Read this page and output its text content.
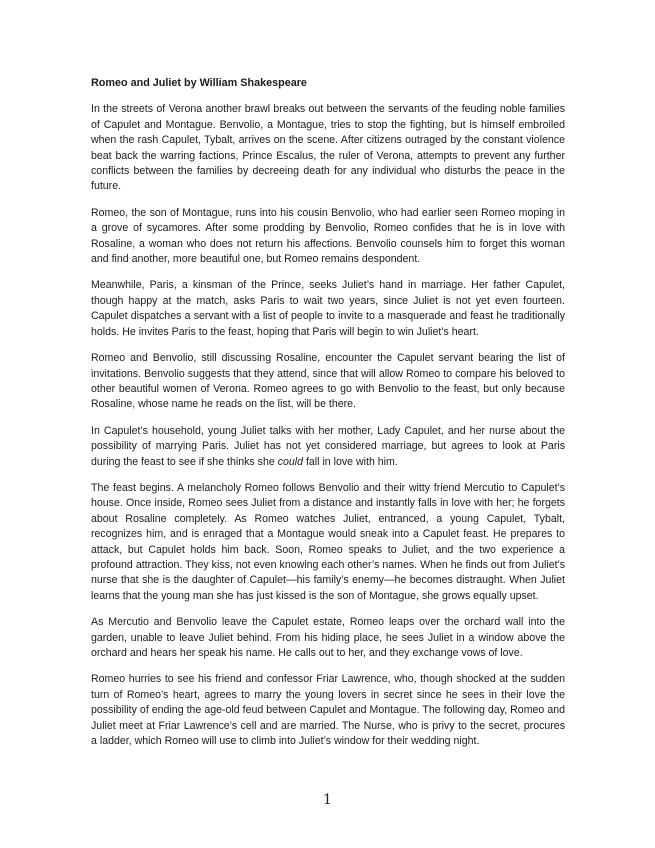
Romeo and Juliet by William Shakespeare

In the streets of Verona another brawl breaks out between the servants of the feuding noble families of Capulet and Montague. Benvolio, a Montague, tries to stop the fighting, but is himself embroiled when the rash Capulet, Tybalt, arrives on the scene. After citizens outraged by the constant violence beat back the warring factions, Prince Escalus, the ruler of Verona, attempts to prevent any further conflicts between the families by decreeing death for any individual who disturbs the peace in the future.

Romeo, the son of Montague, runs into his cousin Benvolio, who had earlier seen Romeo moping in a grove of sycamores. After some prodding by Benvolio, Romeo confides that he is in love with Rosaline, a woman who does not return his affections. Benvolio counsels him to forget this woman and find another, more beautiful one, but Romeo remains despondent.

Meanwhile, Paris, a kinsman of the Prince, seeks Juliet’s hand in marriage. Her father Capulet, though happy at the match, asks Paris to wait two years, since Juliet is not yet even fourteen. Capulet dispatches a servant with a list of people to invite to a masquerade and feast he traditionally holds. He invites Paris to the feast, hoping that Paris will begin to win Juliet’s heart.

Romeo and Benvolio, still discussing Rosaline, encounter the Capulet servant bearing the list of invitations. Benvolio suggests that they attend, since that will allow Romeo to compare his beloved to other beautiful women of Verona. Romeo agrees to go with Benvolio to the feast, but only because Rosaline, whose name he reads on the list, will be there.

In Capulet’s household, young Juliet talks with her mother, Lady Capulet, and her nurse about the possibility of marrying Paris. Juliet has not yet considered marriage, but agrees to look at Paris during the feast to see if she thinks she could fall in love with him.

The feast begins. A melancholy Romeo follows Benvolio and their witty friend Mercutio to Capulet’s house. Once inside, Romeo sees Juliet from a distance and instantly falls in love with her; he forgets about Rosaline completely. As Romeo watches Juliet, entranced, a young Capulet, Tybalt, recognizes him, and is enraged that a Montague would sneak into a Capulet feast. He prepares to attack, but Capulet holds him back. Soon, Romeo speaks to Juliet, and the two experience a profound attraction. They kiss, not even knowing each other’s names. When he finds out from Juliet’s nurse that she is the daughter of Capulet—his family’s enemy—he becomes distraught. When Juliet learns that the young man she has just kissed is the son of Montague, she grows equally upset.

As Mercutio and Benvolio leave the Capulet estate, Romeo leaps over the orchard wall into the garden, unable to leave Juliet behind. From his hiding place, he sees Juliet in a window above the orchard and hears her speak his name. He calls out to her, and they exchange vows of love.

Romeo hurries to see his friend and confessor Friar Lawrence, who, though shocked at the sudden turn of Romeo’s heart, agrees to marry the young lovers in secret since he sees in their love the possibility of ending the age-old feud between Capulet and Montague. The following day, Romeo and Juliet meet at Friar Lawrence’s cell and are married. The Nurse, who is privy to the secret, procures a ladder, which Romeo will use to climb into Juliet’s window for their wedding night.

1
